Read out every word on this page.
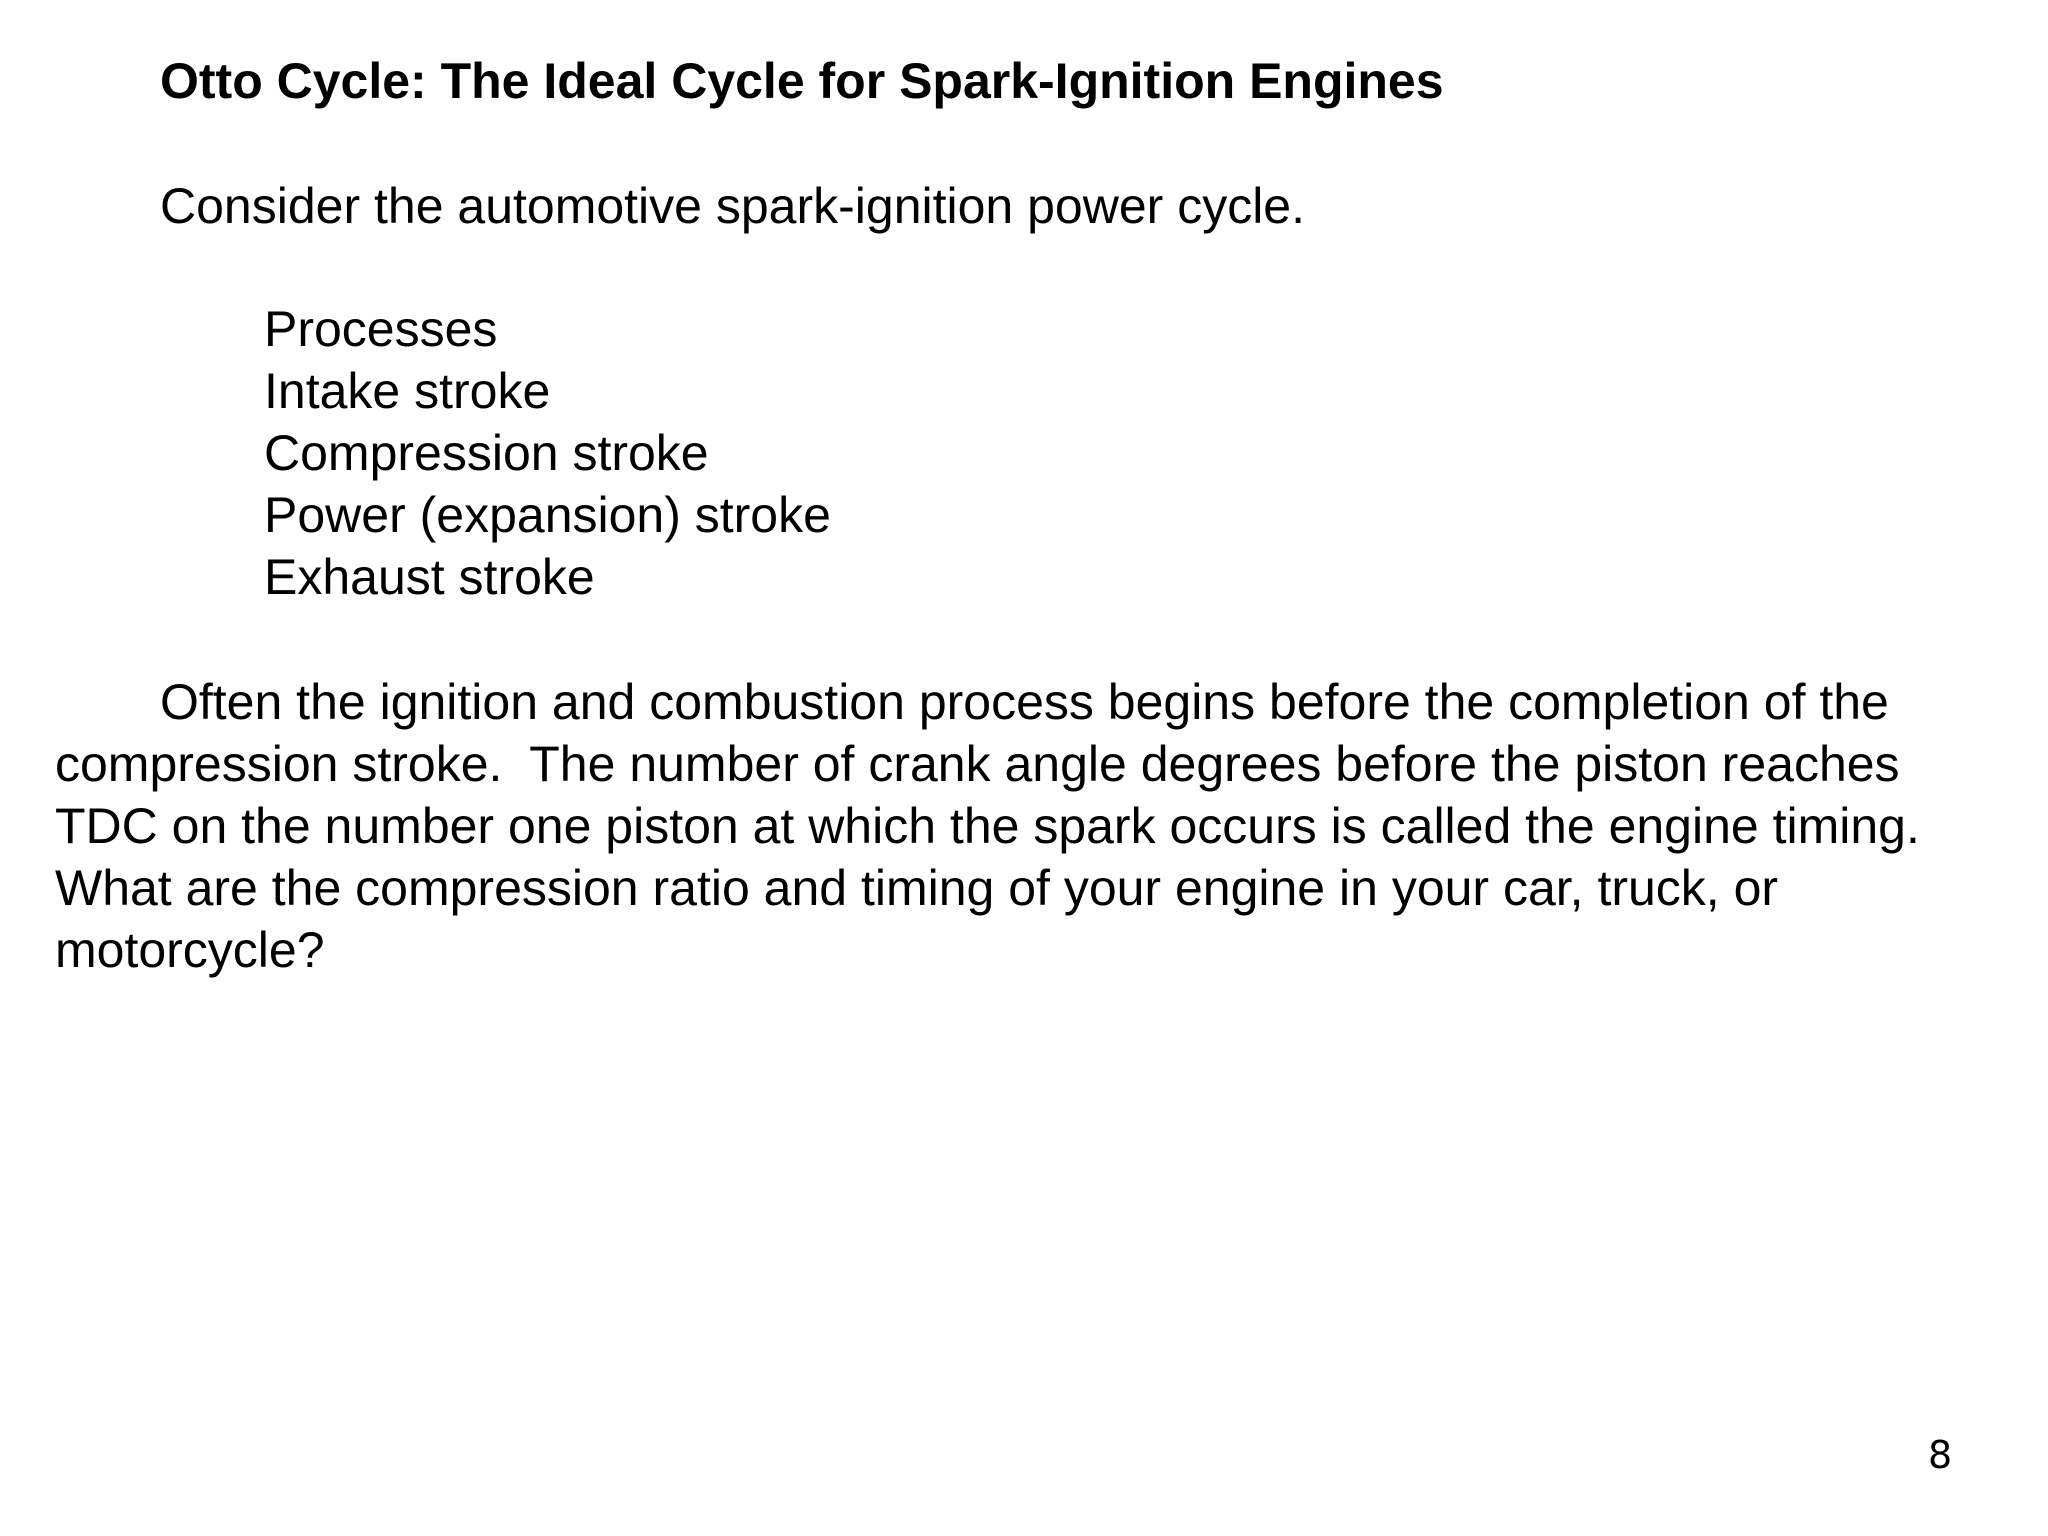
Otto Cycle: The Ideal Cycle for Spark-Ignition Engines
Consider the automotive spark-ignition power cycle.
Processes
Intake stroke
Compression stroke
Power (expansion) stroke
Exhaust stroke

Often the ignition and combustion process begins before the completion of the
compression stroke.  The number of crank angle degrees before the piston reaches
TDC on the number one piston at which the spark occurs is called the engine timing.
What are the compression ratio and timing of your engine in your car, truck, or
motorcycle?

8
